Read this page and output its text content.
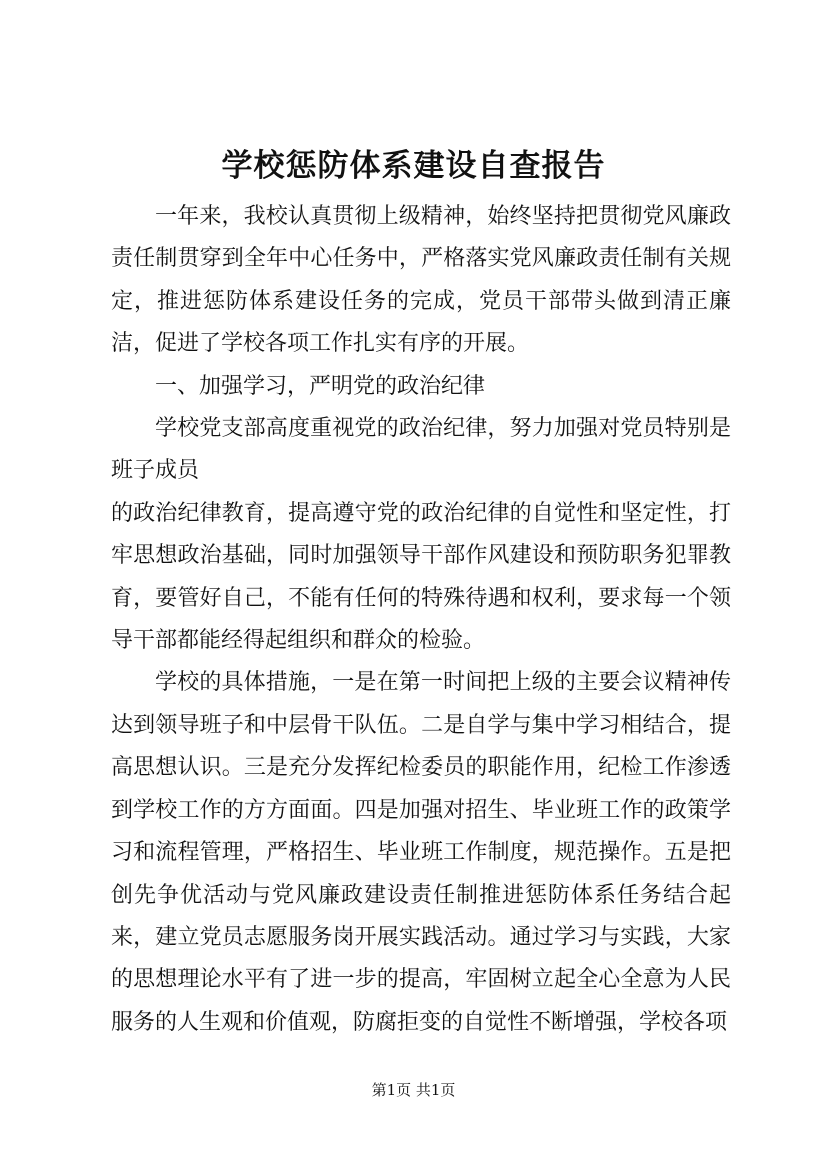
学校惩防体系建设自查报告

一年来，我校认真贯彻上级精神，始终坚持把贯彻党风廉政责任制贯穿到全年中心任务中，严格落实党风廉政责任制有关规定，推进惩防体系建设任务的完成，党员干部带头做到清正廉洁，促进了学校各项工作扎实有序的开展。

一、加强学习，严明党的政治纪律

学校党支部高度重视党的政治纪律，努力加强对党员特别是班子成员

的政治纪律教育，提高遵守党的政治纪律的自觉性和坚定性，打牢思想政治基础，同时加强领导干部作风建设和预防职务犯罪教育，要管好自己，不能有任何的特殊待遇和权利，要求每一个领导干部都能经得起组织和群众的检验。

学校的具体措施，一是在第一时间把上级的主要会议精神传达到领导班子和中层骨干队伍。二是自学与集中学习相结合，提高思想认识。三是充分发挥纪检委员的职能作用，纪检工作渗透到学校工作的方方面面。四是加强对招生、毕业班工作的政策学习和流程管理，严格招生、毕业班工作制度，规范操作。五是把创先争优活动与党风廉政建设责任制推进惩防体系任务结合起来，建立党员志愿服务岗开展实践活动。通过学习与实践，大家的思想理论水平有了进一步的提高，牢固树立起全心全意为人民服务的人生观和价值观，防腐拒变的自觉性不断增强，学校各项

第1页 共1页
